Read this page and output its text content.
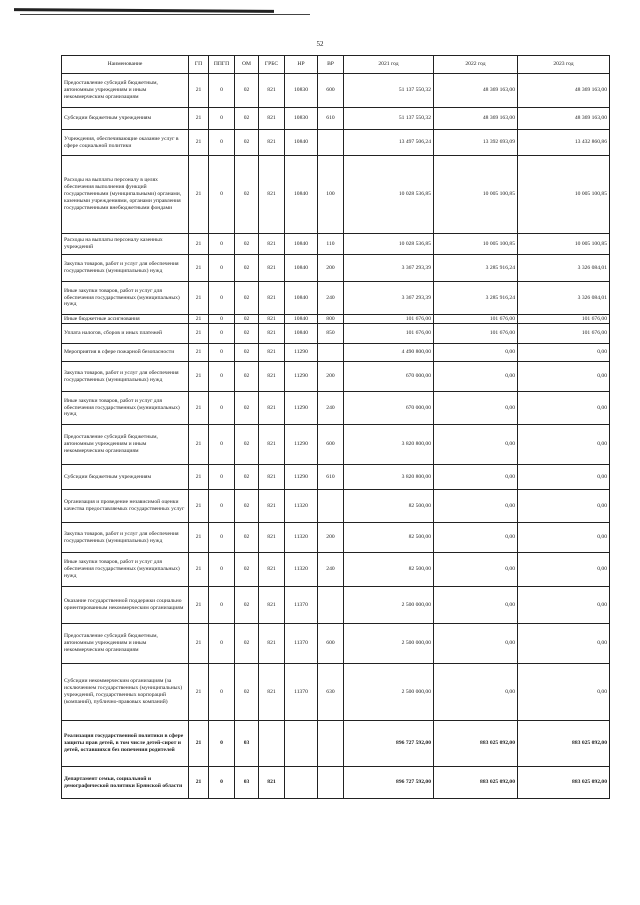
52
Наименование	ГП	ППГП	ОМ	ГРБС	НР	ВР	2021 год	2022 год	2023 год
Предоставление субсидий бюджетным, автономным учреждениям и иным некоммерческим организациям	21	0	02	821	10830	600	51 137 550,32	48 369 163,00	48 369 163,00
Субсидии бюджетным учреждениям	21	0	02	821	10830	610	51 137 550,32	48 369 163,00	48 369 163,00
Учреждения, обеспечивающие оказание услуг в сфере социальной политики	21	0	02	821	10840		13 497 506,24	13 392 693,09	13 432 860,86
Расходы на выплаты персоналу в целях обеспечения выполнения функций государственными (муниципальными) органами, казенными учреждениями, органами управления государственными внебюджетными фондами	21	0	02	821	10840	100	10 028 536,85	10 005 100,85	10 005 100,85
Расходы на выплаты персоналу казенных учреждений	21	0	02	821	10840	110	10 028 536,85	10 005 100,85	10 005 100,85
Закупка товаров, работ и услуг для обеспечения государственных (муниципальных) нужд	21	0	02	821	10840	200	3 367 293,39	3 285 916,24	3 326 084,01
Иные закупки товаров, работ и услуг для обеспечения государственных (муниципальных) нужд	21	0	02	821	10840	240	3 367 293,39	3 285 916,24	3 326 084,01
Иные бюджетные ассигнования	21	0	02	821	10840	800	101 676,00	101 676,00	101 676,00
Уплата налогов, сборов и иных платежей	21	0	02	821	10840	850	101 676,00	101 676,00	101 676,00
Мероприятия в сфере пожарной безопасности	21	0	02	821	11290		4 490 800,00	0,00	0,00
Закупка товаров, работ и услуг для обеспечения государственных (муниципальных) нужд	21	0	02	821	11290	200	670 000,00	0,00	0,00
Иные закупки товаров, работ и услуг для обеспечения государственных (муниципальных) нужд	21	0	02	821	11290	240	670 000,00	0,00	0,00
Предоставление субсидий бюджетным, автономным учреждениям и иным некоммерческим организациям	21	0	02	821	11290	600	3 820 800,00	0,00	0,00
Субсидии бюджетным учреждениям	21	0	02	821	11290	610	3 820 800,00	0,00	0,00
Организация и проведение независимой оценки качества предоставляемых государственных услуг	21	0	02	821	11320		82 500,00	0,00	0,00
Закупка товаров, работ и услуг для обеспечения государственных (муниципальных) нужд	21	0	02	821	11320	200	82 500,00	0,00	0,00
Иные закупки товаров, работ и услуг для обеспечения государственных (муниципальных) нужд	21	0	02	821	11320	240	82 500,00	0,00	0,00
Оказание государственной поддержки социально ориентированным некоммерческим организациям	21	0	02	821	11370		2 500 000,00	0,00	0,00
Предоставление субсидий бюджетным, автономным учреждениям и иным некоммерческим организациям	21	0	02	821	11370	600	2 500 000,00	0,00	0,00
Субсидии некоммерческим организациям (за исключением государственных (муниципальных) учреждений, государственных корпораций (компаний), публично-правовых компаний)	21	0	02	821	11370	630	2 500 000,00	0,00	0,00
Реализация государственной политики в сфере защиты прав детей, в том числе детей-сирот и детей, оставшихся без попечения родителей	21	0	03				896 727 592,00	883 025 092,00	883 025 092,00
Департамент семьи, социальной и демографической политики Брянской области	21	0	03	821			896 727 592,00	883 025 092,00	883 025 092,00
